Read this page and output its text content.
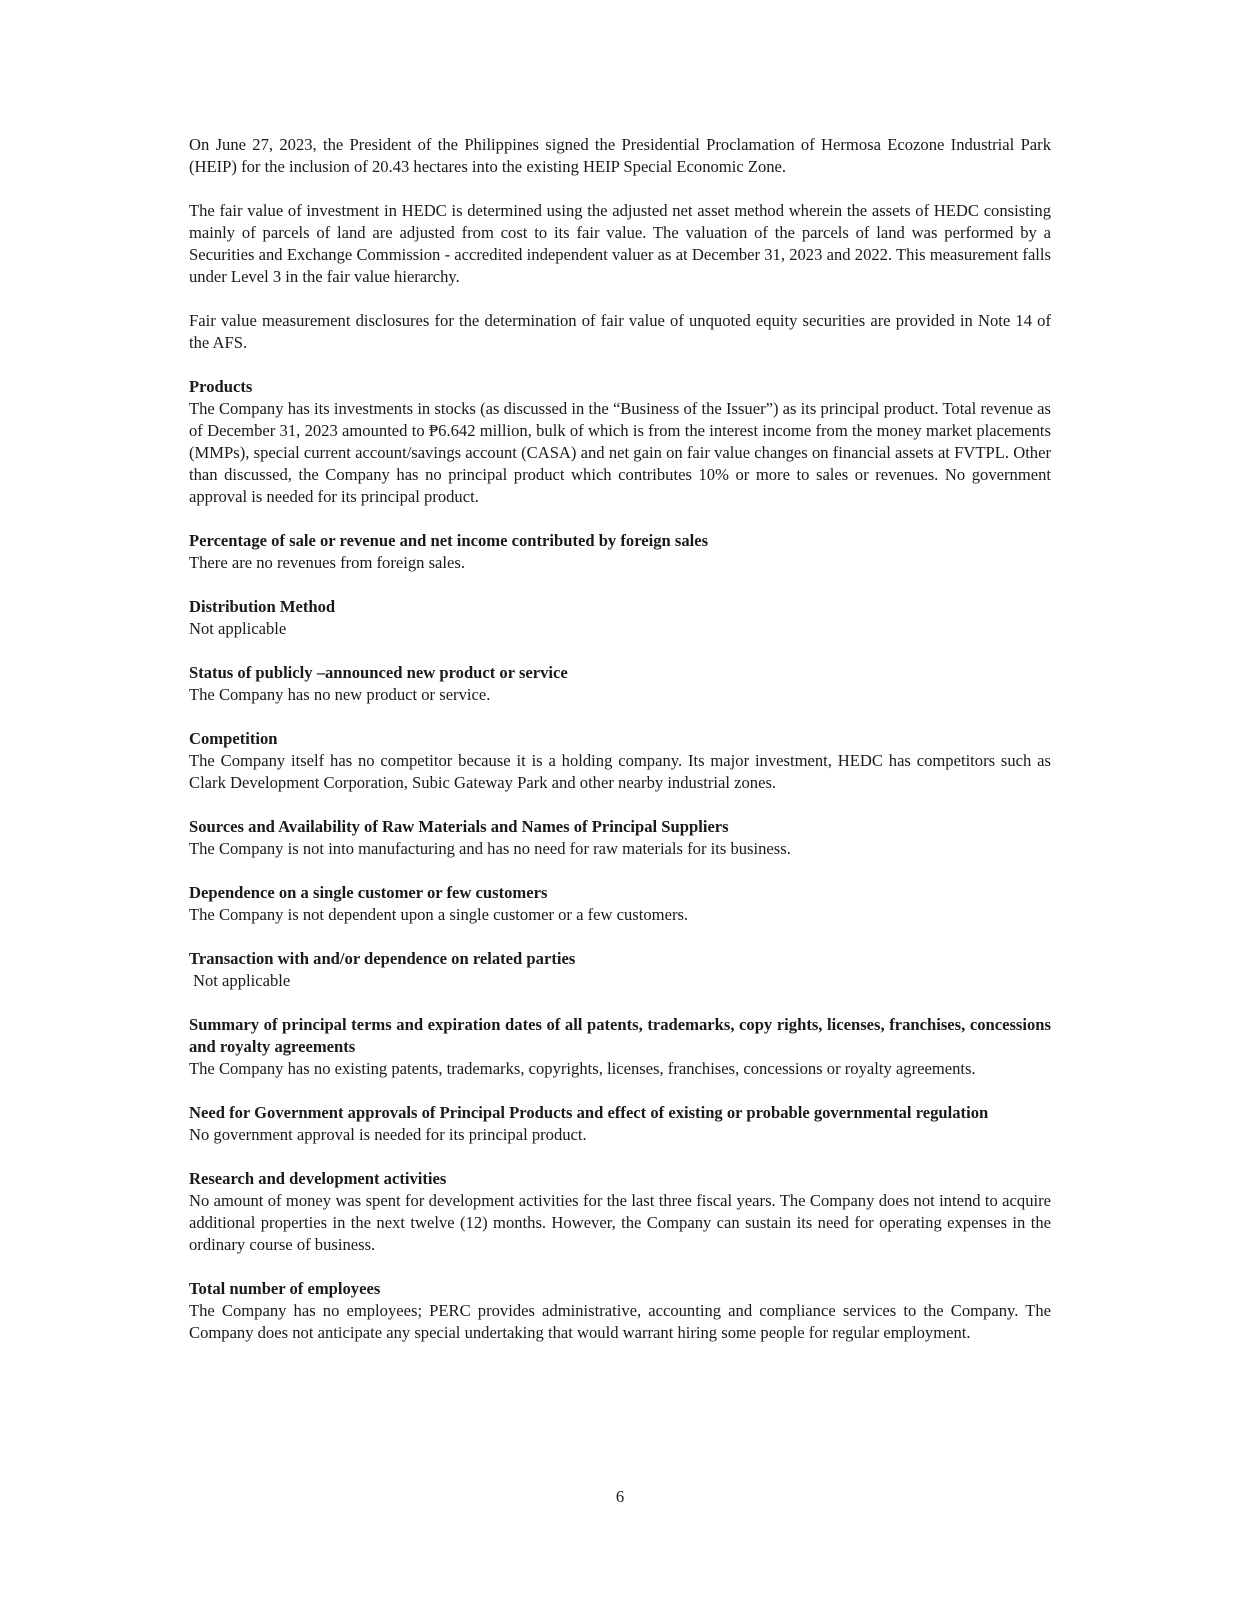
On June 27, 2023, the President of the Philippines signed the Presidential Proclamation of Hermosa Ecozone Industrial Park (HEIP) for the inclusion of 20.43 hectares into the existing HEIP Special Economic Zone.

The fair value of investment in HEDC is determined using the adjusted net asset method wherein the assets of HEDC consisting mainly of parcels of land are adjusted from cost to its fair value. The valuation of the parcels of land was performed by a Securities and Exchange Commission - accredited independent valuer as at December 31, 2023 and 2022. This measurement falls under Level 3 in the fair value hierarchy.

Fair value measurement disclosures for the determination of fair value of unquoted equity securities are provided in Note 14 of the AFS.

Products

The Company has its investments in stocks (as discussed in the “Business of the Issuer”) as its principal product. Total revenue as of December 31, 2023 amounted to ₱6.642 million, bulk of which is from the interest income from the money market placements (MMPs), special current account/savings account (CASA) and net gain on fair value changes on financial assets at FVTPL. Other than discussed, the Company has no principal product which contributes 10% or more to sales or revenues. No government approval is needed for its principal product.

Percentage of sale or revenue and net income contributed by foreign sales

There are no revenues from foreign sales.

Distribution Method

Not applicable

Status of publicly –announced new product or service

The Company has no new product or service.

Competition

The Company itself has no competitor because it is a holding company. Its major investment, HEDC has competitors such as Clark Development Corporation, Subic Gateway Park and other nearby industrial zones.

Sources and Availability of Raw Materials and Names of Principal Suppliers

The Company is not into manufacturing and has no need for raw materials for its business.

Dependence on a single customer or few customers

The Company is not dependent upon a single customer or a few customers.

Transaction with and/or dependence on related parties

Not applicable

Summary of principal terms and expiration dates of all patents, trademarks, copy rights, licenses, franchises, concessions and royalty agreements

The Company has no existing patents, trademarks, copyrights, licenses, franchises, concessions or royalty agreements.

Need for Government approvals of Principal Products and effect of existing or probable governmental regulation

No government approval is needed for its principal product.

Research and development activities

No amount of money was spent for development activities for the last three fiscal years. The Company does not intend to acquire additional properties in the next twelve (12) months. However, the Company can sustain its need for operating expenses in the ordinary course of business.

Total number of employees

The Company has no employees; PERC provides administrative, accounting and compliance services to the Company. The Company does not anticipate any special undertaking that would warrant hiring some people for regular employment.

6
